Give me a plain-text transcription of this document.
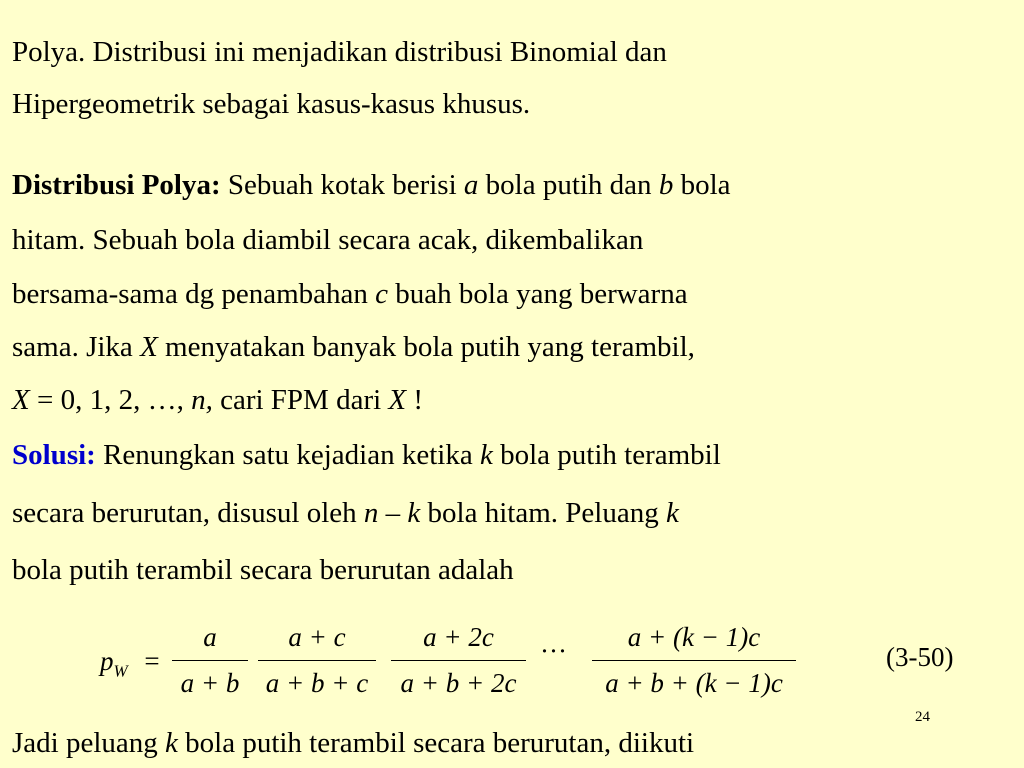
Polya. Distribusi ini menjadikan distribusi Binomial dan
Hipergeometrik sebagai kasus-kasus khusus.
Distribusi Polya: Sebuah kotak berisi a bola putih dan b bola
hitam. Sebuah bola diambil secara acak, dikembalikan
bersama-sama dg penambahan c buah bola yang berwarna
sama. Jika X menyatakan banyak bola putih yang terambil,
X = 0, 1, 2, …, n, cari FPM dari X !
Solusi: Renungkan satu kejadian ketika k bola putih terambil
secara berurutan, disusul oleh n – k bola hitam. Peluang k
bola putih terambil secara berurutan adalah
$p_W$ =
a
a + b
a + c
a + b + c
a + 2c
a + b + 2c
···	a + (k − 1)c
a + b + (k − 1)c
(3-50)
24
Jadi peluang k bola putih terambil secara berurutan, diikuti
